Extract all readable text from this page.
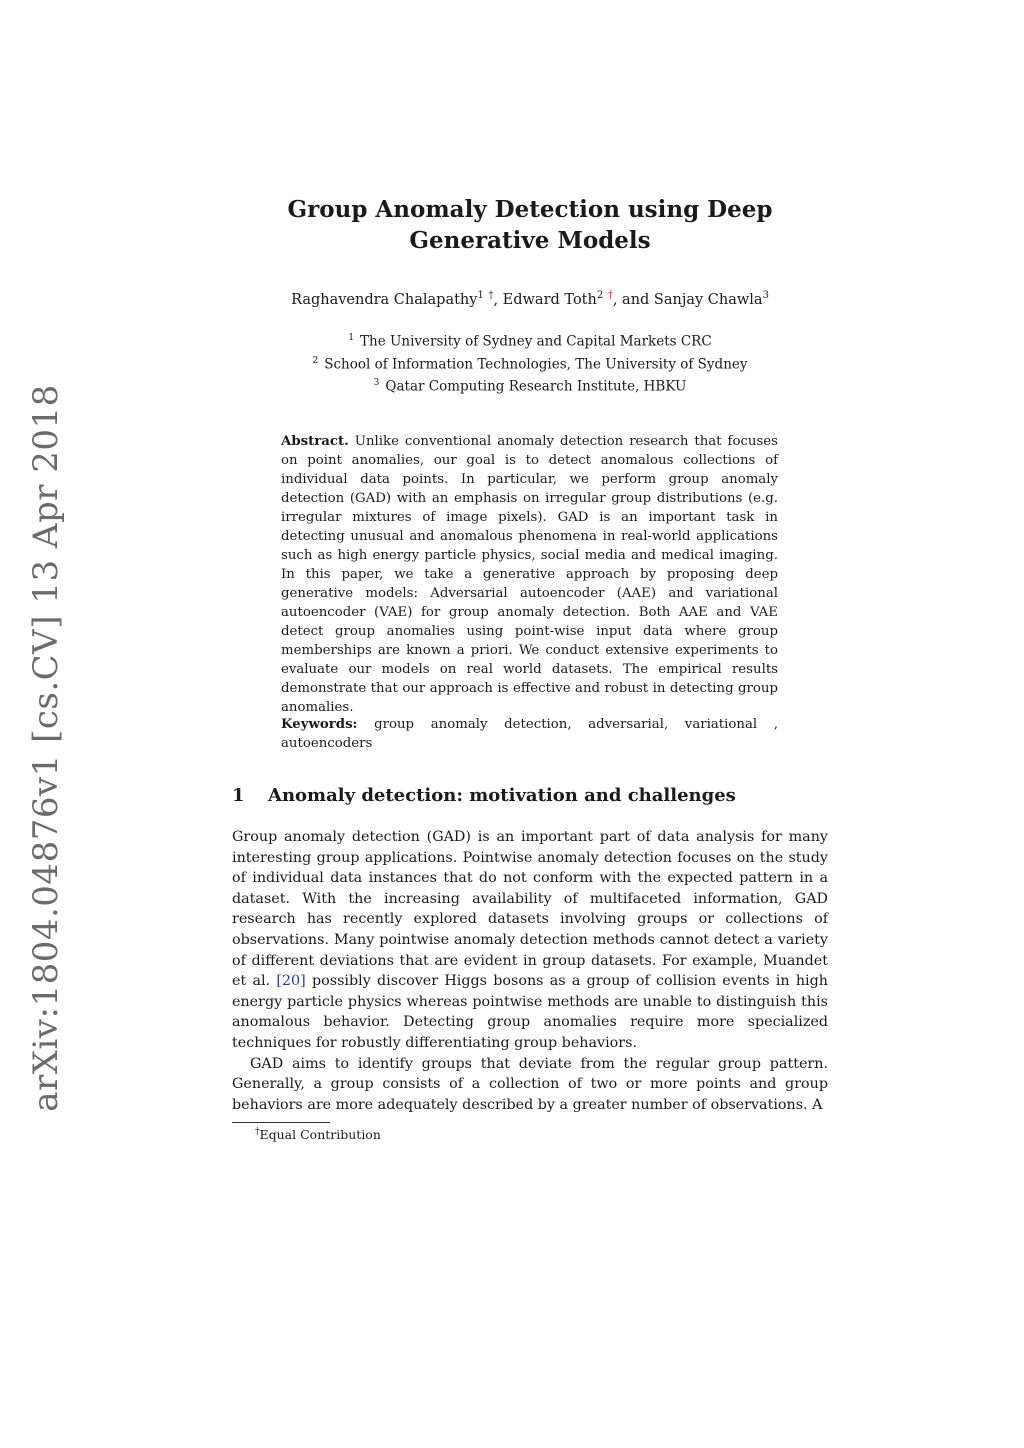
arXiv:1804.04876v1 [cs.CV] 13 Apr 2018
Group Anomaly Detection using Deep
Generative Models
Raghavendra Chalapathy$^1$ †, Edward Toth$^2$ †, and Sanjay Chawla$^3$
$^1$ The University of Sydney and Capital Markets CRC
$^2$ School of Information Technologies, The University of Sydney
$^3$ Qatar Computing Research Institute, HBKU
Abstract. Unlike conventional anomaly detection research that focuses on point anomalies, our goal is to detect anomalous collections of individual data points. In particular, we perform group anomaly detection (GAD) with an emphasis on irregular group distributions (e.g. irregular mixtures of image pixels). GAD is an important task in detecting unusual and anomalous phenomena in real-world applications such as high energy particle physics, social media and medical imaging. In this paper, we take a generative approach by proposing deep generative models: Adversarial autoencoder (AAE) and variational autoencoder (VAE) for group anomaly detection. Both AAE and VAE detect group anomalies using point-wise input data where group memberships are known a priori. We conduct extensive experiments to evaluate our models on real world datasets. The empirical results demonstrate that our approach is effective and robust in detecting group anomalies.
Keywords: group anomaly detection, adversarial, variational , autoencoders
1 Anomaly detection: motivation and challenges

Group anomaly detection (GAD) is an important part of data analysis for many interesting group applications. Pointwise anomaly detection focuses on the study of individual data instances that do not conform with the expected pattern in a dataset. With the increasing availability of multifaceted information, GAD research has recently explored datasets involving groups or collections of observations. Many pointwise anomaly detection methods cannot detect a variety of different deviations that are evident in group datasets. For example, Muandet et al. [20] possibly discover Higgs bosons as a group of collision events in high energy particle physics whereas pointwise methods are unable to distinguish this anomalous behavior. Detecting group anomalies require more specialized techniques for robustly differentiating group behaviors.

GAD aims to identify groups that deviate from the regular group pattern. Generally, a group consists of a collection of two or more points and group behaviors are more adequately described by a greater number of observations. A

†Equal Contribution
